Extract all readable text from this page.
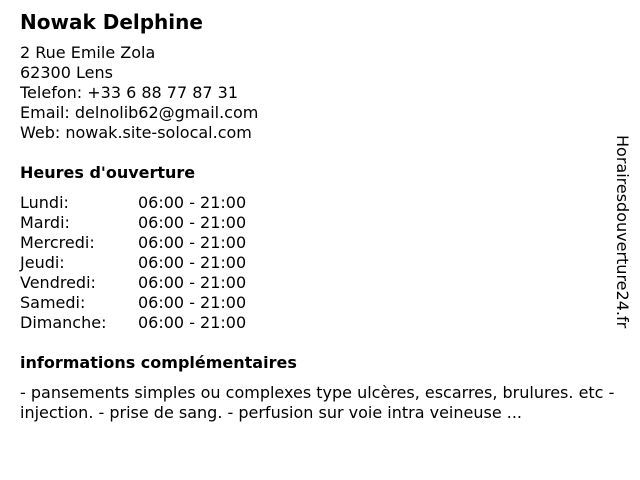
Nowak Delphine
2 Rue Emile Zola
62300 Lens
Telefon: +33 6 88 77 87 31
Email: delnolib62@gmail.com
Web: nowak.site-solocal.com
Heures d'ouverture
Lundi:	06:00 - 21:00
Mardi:	06:00 - 21:00
Mercredi:	06:00 - 21:00
Jeudi:	06:00 - 21:00
Vendredi:	06:00 - 21:00
Samedi:	06:00 - 21:00
Dimanche:	06:00 - 21:00
informations complémentaires
- pansements simples ou complexes type ulcères, escarres, brulures. etc - injection. - prise de sang. - perfusion sur voie intra veineuse ...
Horairesdouverture24.fr
